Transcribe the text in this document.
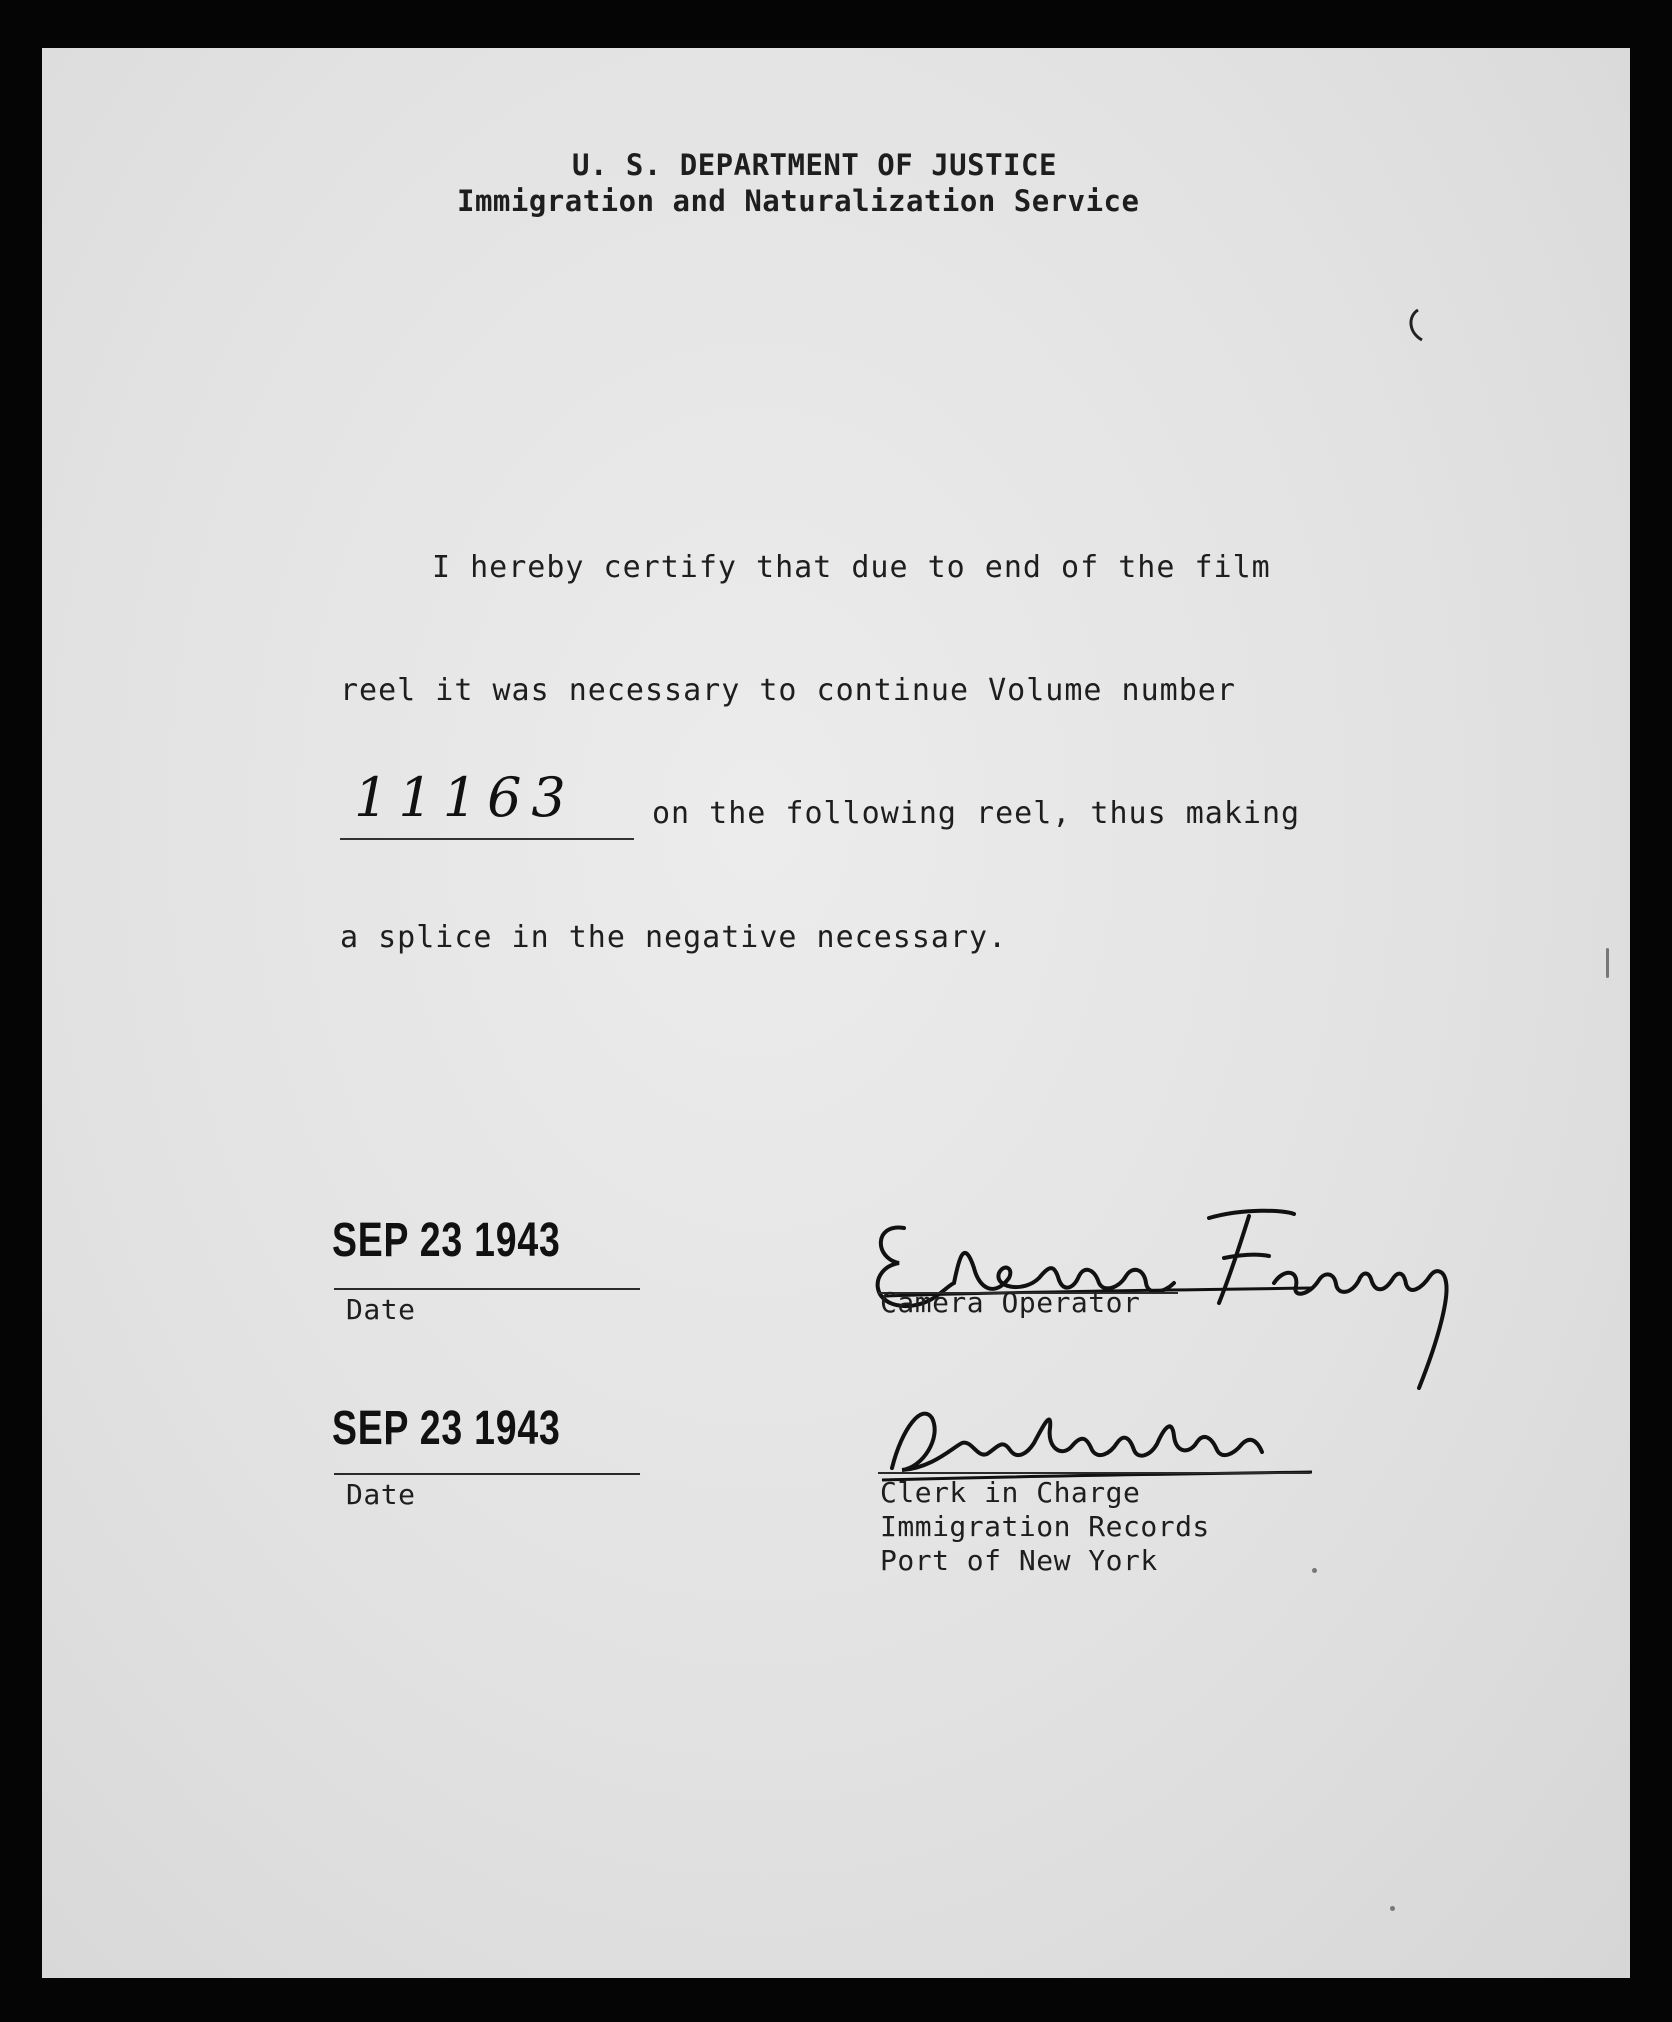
U. S. DEPARTMENT OF JUSTICE
Immigration and Naturalization Service
I hereby certify that due to end of the film
reel it was necessary to continue Volume number
11163	on the following reel, thus making
a splice in the negative necessary.
SEP 23 1943
Date	Camera Operator
SEP 23 1943
Date	Clerk in Charge
Immigration Records
Port of New York
